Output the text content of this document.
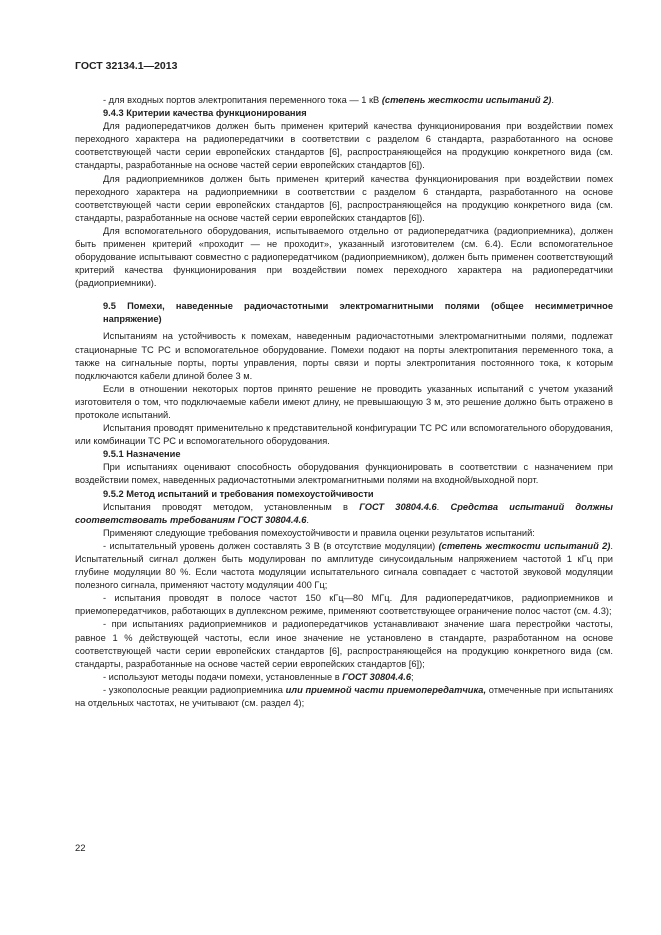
ГОСТ 32134.1—2013

- для входных портов электропитания переменного тока — 1 кВ (степень жесткости испытаний 2).

9.4.3 Критерии качества функционирования

Для радиопередатчиков должен быть применен критерий качества функционирования при воздействии помех переходного характера на радиопередатчики в соответствии с разделом 6 стандарта, разработанного на основе соответствующей части серии европейских стандартов [6], распространяющейся на продукцию конкретного вида (см. стандарты, разработанные на основе частей серии европейских стандартов [6]).

Для радиоприемников должен быть применен критерий качества функционирования при воздействии помех переходного характера на радиоприемники в соответствии с разделом 6 стандарта, разработанного на основе соответствующей части серии европейских стандартов [6], распространяющейся на продукцию конкретного вида (см. стандарты, разработанные на основе частей серии европейских стандартов [6]).

Для вспомогательного оборудования, испытываемого отдельно от радиопередатчика (радиоприемника), должен быть применен критерий «проходит — не проходит», указанный изготовителем (см. 6.4). Если вспомогательное оборудование испытывают совместно с радиопередатчиком (радиоприемником), должен быть применен соответствующий критерий качества функционирования при воздействии помех переходного характера на радиопередатчики (радиоприемники).

9.5 Помехи, наведенные радиочастотными электромагнитными полями (общее несимметричное напряжение)

Испытаниям на устойчивость к помехам, наведенным радиочастотными электромагнитными полями, подлежат стационарные ТС РС и вспомогательное оборудование. Помехи подают на порты электропитания переменного тока, а также на сигнальные порты, порты управления, порты связи и порты электропитания постоянного тока, к которым подключаются кабели длиной более 3 м.

Если в отношении некоторых портов принято решение не проводить указанных испытаний с учетом указаний изготовителя о том, что подключаемые кабели имеют длину, не превышающую 3 м, это решение должно быть отражено в протоколе испытаний.

Испытания проводят применительно к представительной конфигурации ТС РС или вспомогательного оборудования, или комбинации ТС РС и вспомогательного оборудования.

9.5.1 Назначение

При испытаниях оценивают способность оборудования функционировать в соответствии с назначением при воздействии помех, наведенных радиочастотными электромагнитными полями на входной/выходной порт.

9.5.2 Метод испытаний и требования помехоустойчивости

Испытания проводят методом, установленным в ГОСТ 30804.4.6. Средства испытаний должны соответствовать требованиям ГОСТ 30804.4.6.

Применяют следующие требования помехоустойчивости и правила оценки результатов испытаний:

- испытательный уровень должен составлять 3 В (в отсутствие модуляции) (степень жесткости испытаний 2). Испытательный сигнал должен быть модулирован по амплитуде синусоидальным напряжением частотой 1 кГц при глубине модуляции 80 %. Если частота модуляции испытательного сигнала совпадает с частотой звуковой модуляции полезного сигнала, применяют частоту модуляции 400 Гц;

- испытания проводят в полосе частот 150 кГц—80 МГц. Для радиопередатчиков, радиоприемников и приемопередатчиков, работающих в дуплексном режиме, применяют соответствующее ограничение полос частот (см. 4.3);

- при испытаниях радиоприемников и радиопередатчиков устанавливают значение шага перестройки частоты, равное 1 % действующей частоты, если иное значение не установлено в стандарте, разработанном на основе соответствующей части серии европейских стандартов [6], распространяющейся на продукцию конкретного вида (см. стандарты, разработанные на основе частей серии европейских стандартов [6]);

- используют методы подачи помехи, установленные в ГОСТ 30804.4.6;

- узкополосные реакции радиоприемника или приемной части приемопередатчика, отмеченные при испытаниях на отдельных частотах, не учитывают (см. раздел 4);

22
